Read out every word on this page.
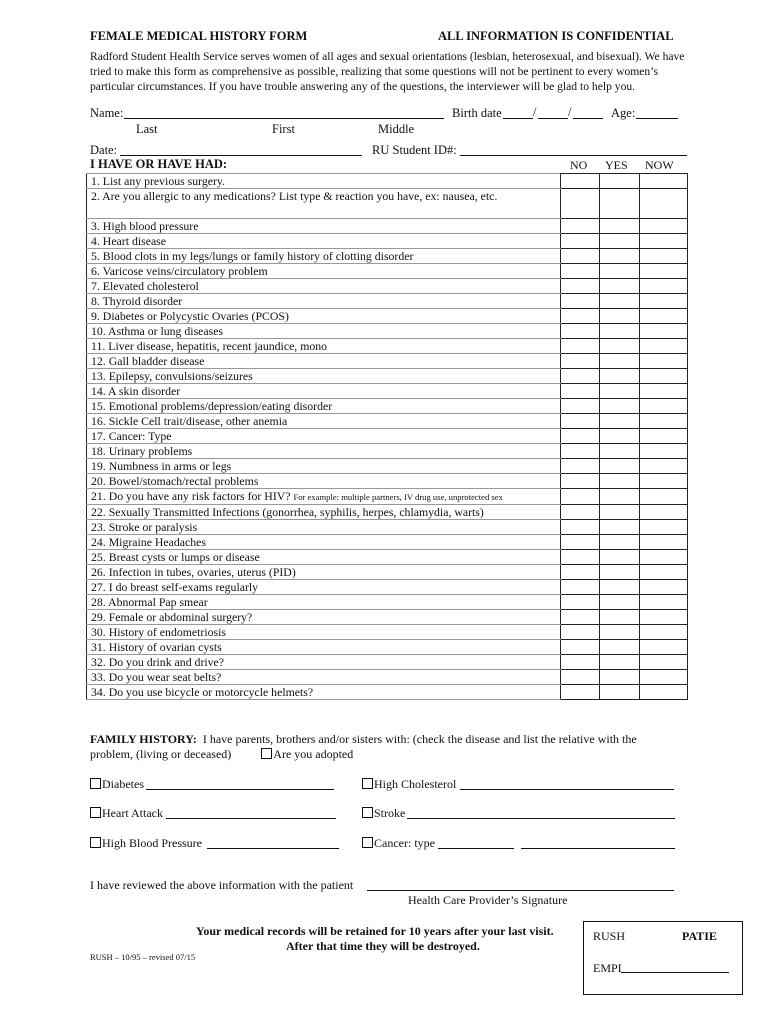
FEMALE MEDICAL HISTORY FORM	ALL INFORMATION IS CONFIDENTIAL
Radford Student Health Service serves women of all ages and sexual orientations (lesbian, heterosexual, and bisexual). We have tried to make this form as comprehensive as possible, realizing that some questions will not be pertinent to every women’s particular circumstances. If you have trouble answering any of the questions, the interviewer will be glad to help you.
Name:	Birth date	/	/	Age:
Last	First	Middle
Date:	RU Student ID#:
I HAVE OR HAVE HAD:	NO YES NOW
1. List any previous surgery.			
2. Are you allergic to any medications? List type & reaction you have, ex: nausea, etc.			
3. High blood pressure			
4. Heart disease			
5. Blood clots in my legs/lungs or family history of clotting disorder			
6. Varicose veins/circulatory problem			
7. Elevated cholesterol			
8. Thyroid disorder			
9. Diabetes or Polycystic Ovaries (PCOS)			
10. Asthma or lung diseases			
11. Liver disease, hepatitis, recent jaundice, mono			
12. Gall bladder disease			
13. Epilepsy, convulsions/seizures			
14. A skin disorder			
15. Emotional problems/depression/eating disorder			
16. Sickle Cell trait/disease, other anemia			
17. Cancer: Type			
18. Urinary problems			
19. Numbness in arms or legs			
20. Bowel/stomach/rectal problems			
21. Do you have any risk factors for HIV? For example: multiple partners, IV drug use, unprotected sex			
22. Sexually Transmitted Infections (gonorrhea, syphilis, herpes, chlamydia, warts)			
23. Stroke or paralysis			
24. Migraine Headaches			
25. Breast cysts or lumps or disease			
26. Infection in tubes, ovaries, uterus (PID)			
27. I do breast self-exams regularly			
28. Abnormal Pap smear			
29. Female or abdominal surgery?			
30. History of endometriosis			
31. History of ovarian cysts			
32. Do you drink and drive?			
33. Do you wear seat belts?			
34. Do you use bicycle or motorcycle helmets?			
FAMILY HISTORY: I have parents, brothers and/or sisters with: (check the disease and list the relative with the
problem, (living or deceased)	Are you adopted
Diabetes	High Cholesterol
Heart Attack	Stroke
High Blood Pressure	Cancer: type
I have reviewed the above information with the patient
Health Care Provider’s Signature
Your medical records will be retained for 10 years after your last visit.
After that time they will be destroyed.
RUSH – 10/95 – revised 07/15
RUSH	PATIE
EMPI
